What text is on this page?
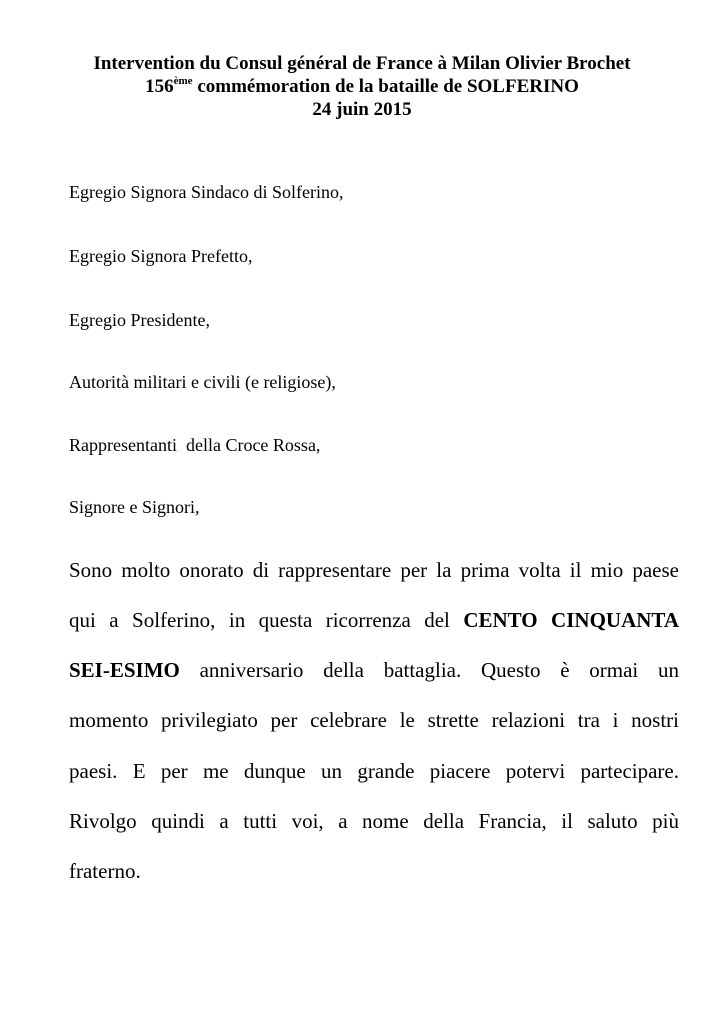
Intervention du Consul général de France à Milan Olivier Brochet
156ème commémoration de la bataille de SOLFERINO
24 juin 2015
Egregio Signora Sindaco di Solferino,
Egregio Signora Prefetto,
Egregio Presidente,
Autorità militari e civili (e religiose),
Rappresentanti  della Croce Rossa,
Signore e Signori,
Sono molto onorato di rappresentare per la prima volta il mio paese
qui a Solferino, in questa ricorrenza del CENTO CINQUANTA
SEI-ESIMO anniversario della battaglia. Questo è ormai un
momento privilegiato per celebrare le strette relazioni tra i nostri
paesi. E per me dunque un grande piacere potervi partecipare.
Rivolgo quindi a tutti voi, a nome della Francia, il saluto più
fraterno.
